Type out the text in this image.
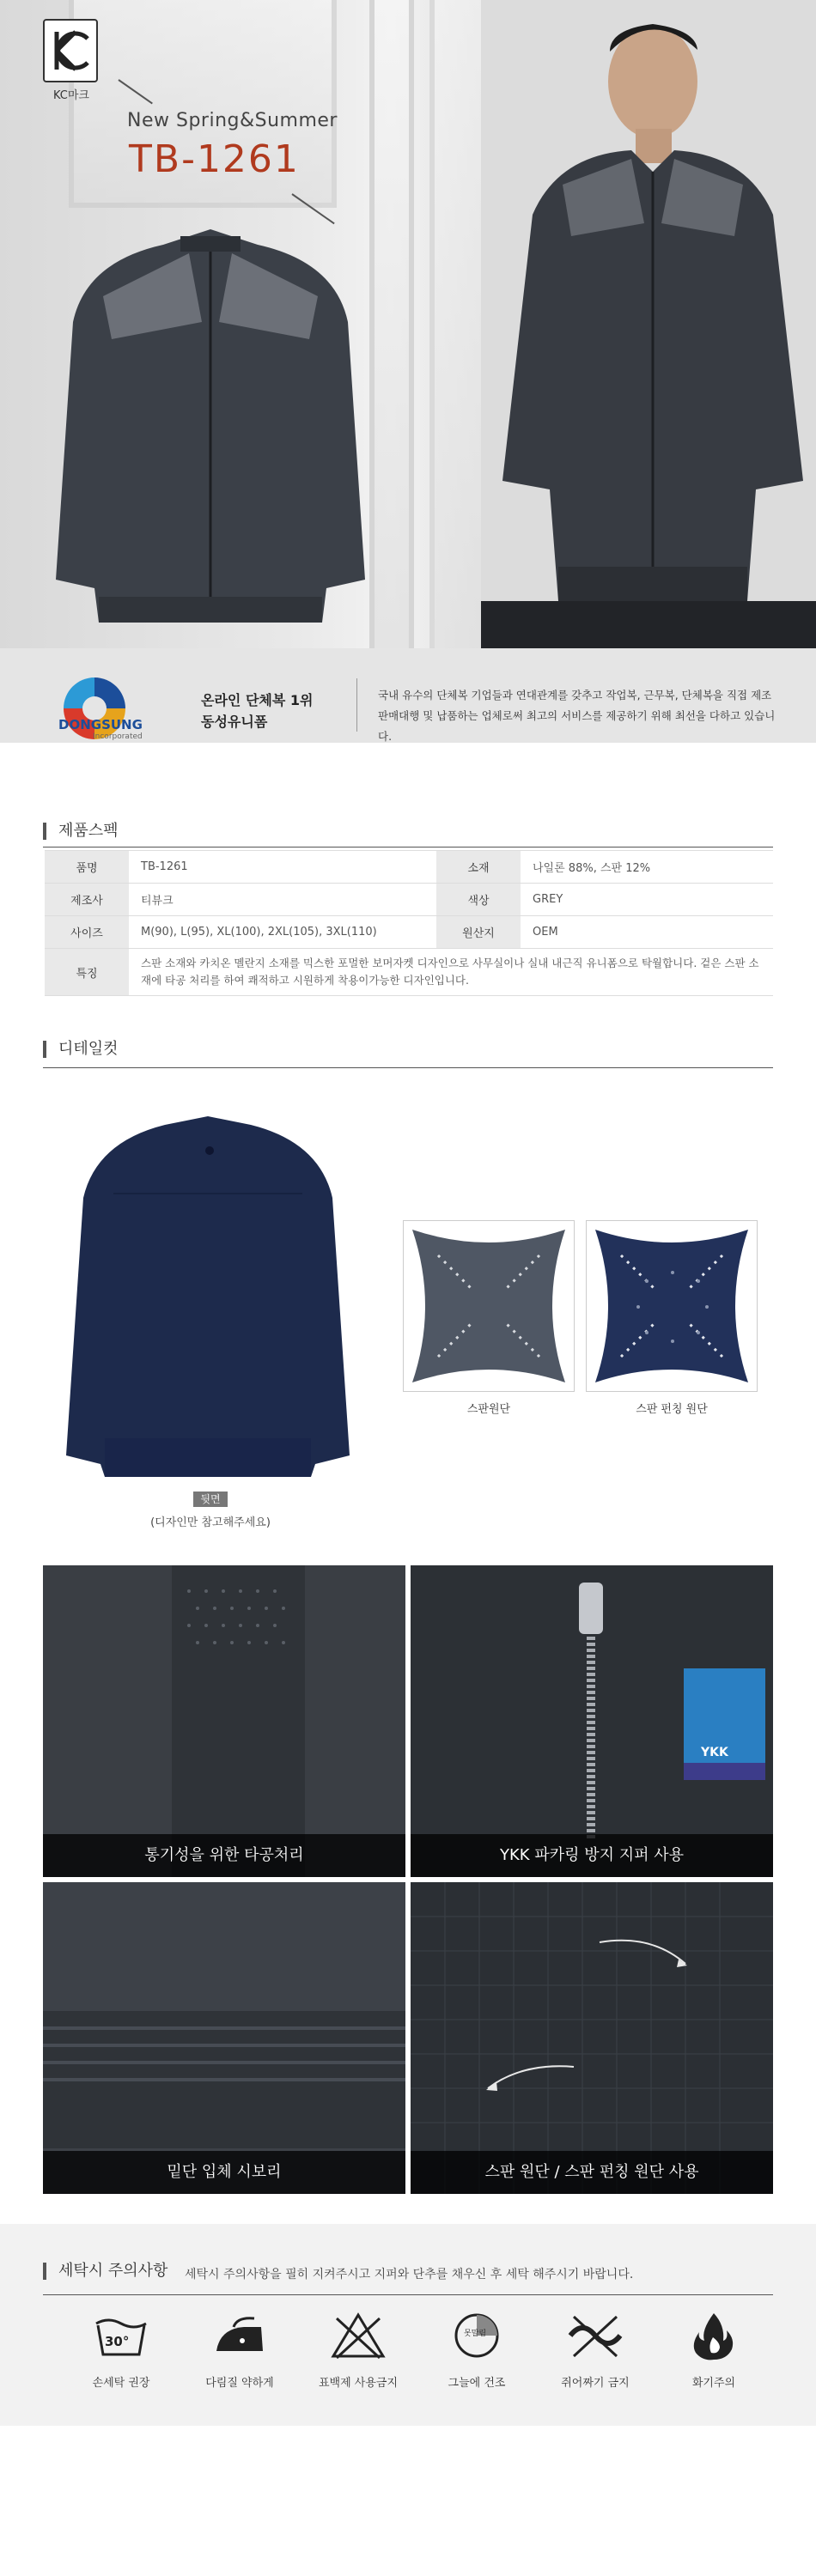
KC마크
New Spring&Summer
TB-1261
DONGSUNG
Incorporated
온라인 단체복 1위
동성유니폼
국내 유수의 단체복 기업들과 연대관계를 갖추고 작업복, 근무복, 단체복을 직접 제조 판매대행 및 납품하는 업체로써 최고의 서비스를 제공하기 위해 최선을 다하고 있습니다.
제품스펙
품명	TB-1261	소재	나일론 88%, 스판 12%
제조사	티뷰크	색상	GREY
사이즈	M(90), L(95), XL(100), 2XL(105), 3XL(110)	원산지	OEM
특징	스판 소재와 카치온 멜란지 소재를 믹스한 포멀한 보머자켓 디자인으로 사무실이나 실내 내근직 유니폼으로 탁월합니다. 겉은 스판 소재에 타공 처리를 하여 쾌적하고 시원하게 착용이가능한 디자인입니다.		
디테일컷
뒷면
(디자인만 참고해주세요)
스판원단	스판 펀칭 원단
통기성을 위한 타공처리
YKK
YKK 파카링 방지 지퍼 사용
밑단 입체 시보리	스판 원단 / 스판 펀칭 원단 사용
세탁시 주의사항 세탁시 주의사항을 필히 지켜주시고 지퍼와 단추를 채우신 후 세탁 해주시기 바랍니다.
30°
손세탁 권장	다림질 약하게	표백제 사용금지
못말림
그늘에 건조	쥐어짜기 금지	화기주의
